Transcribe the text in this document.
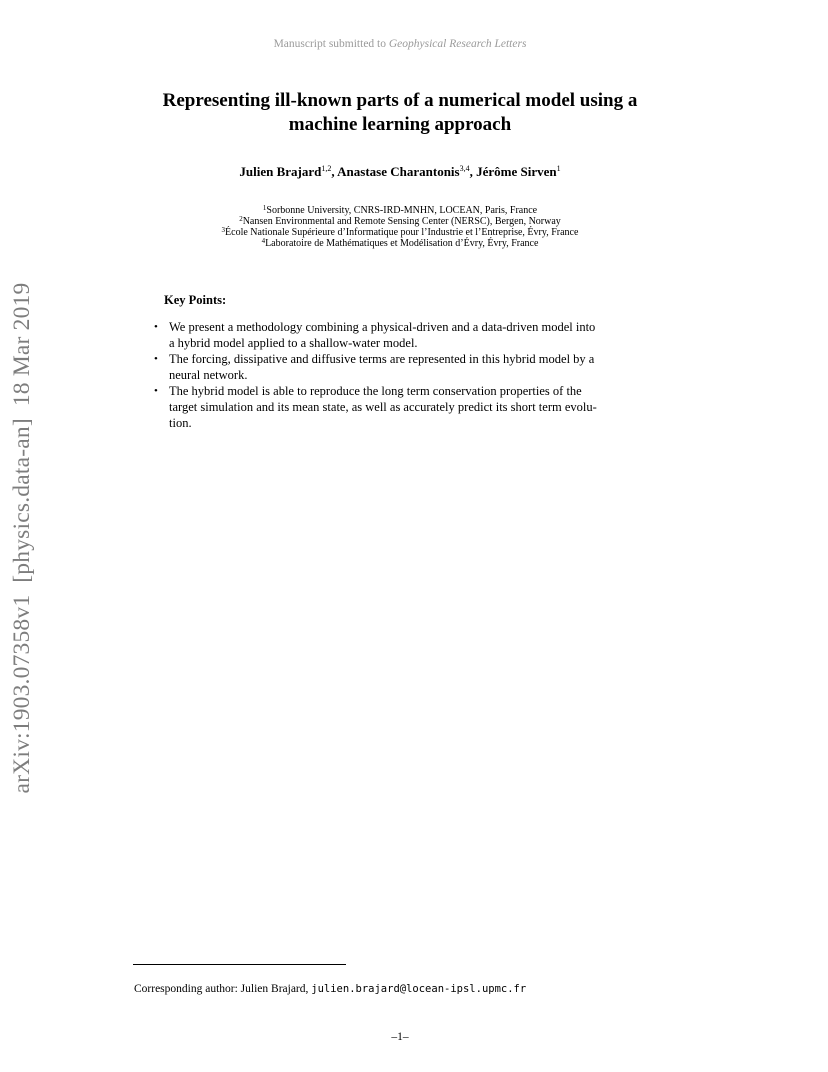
Manuscript submitted to Geophysical Research Letters
arXiv:1903.07358v1[physics.data-an]18 Mar 2019
Representing ill-known parts of a numerical model using a
machine learning approach
Julien Brajard$^{1,2}$, Anastase Charantonis$^{3,4}$, Jérôme Sirven$^1$
$^1$Sorbonne University, CNRS-IRD-MNHN, LOCEAN, Paris, France
$^2$Nansen Environmental and Remote Sensing Center (NERSC), Bergen, Norway
$^3$École Nationale Supérieure d’Informatique pour l’Industrie et l’Entreprise, Évry, France
$^4$Laboratoire de Mathématiques et Modélisation d’Évry, Évry, France
Key Points:
• We present a methodology combining a physical-driven and a data-driven model into
a hybrid model applied to a shallow-water model.
• The forcing, dissipative and diffusive terms are represented in this hybrid model by a
neural network.
• The hybrid model is able to reproduce the long term conservation properties of the
target simulation and its mean state, as well as accurately predict its short term evolu-
tion.
Corresponding author: Julien Brajard, julien.brajard@locean-ipsl.upmc.fr
–1–
